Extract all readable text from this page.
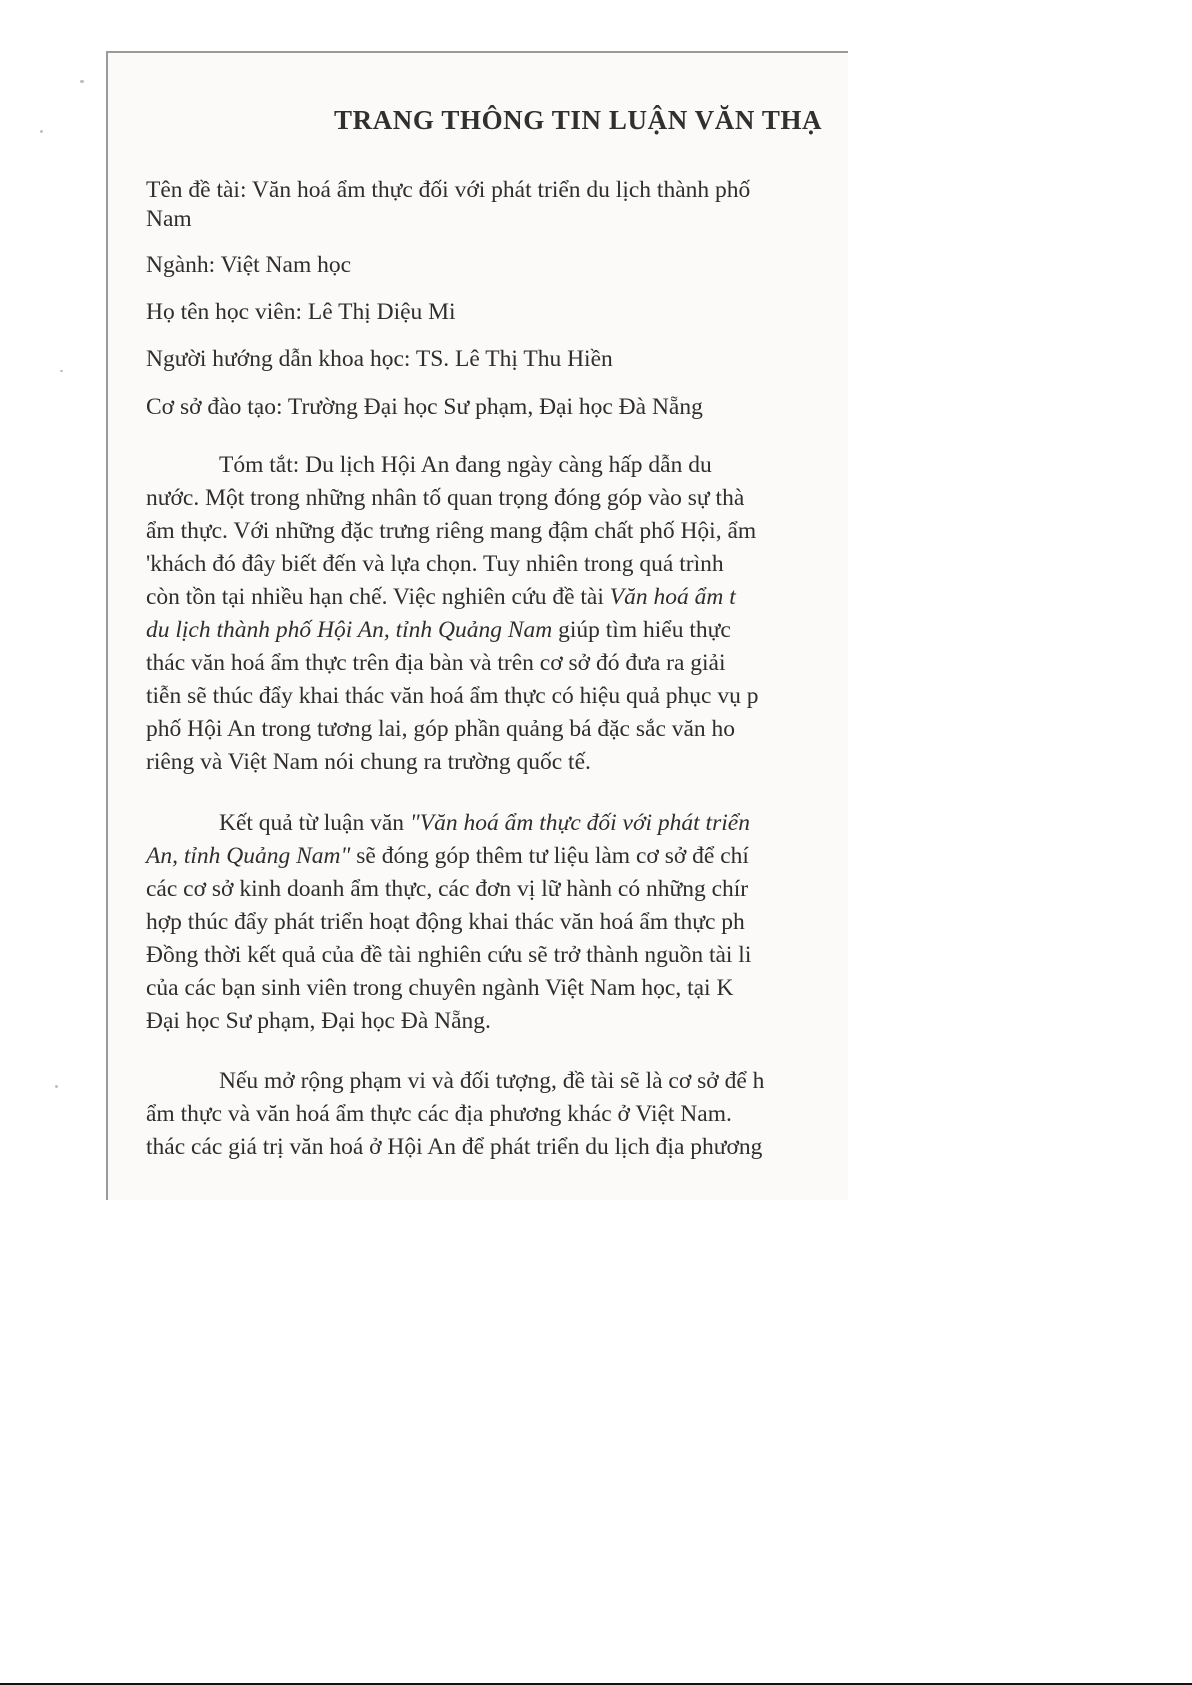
TRANG THÔNG TIN LUẬN VĂN THẠ
Tên đề tài: Văn hoá ẩm thực đối với phát triển du lịch thành phố
Nam
Ngành: Việt Nam học
Họ tên học viên: Lê Thị Diệu Mi
Người hướng dẫn khoa học: TS. Lê Thị Thu Hiền
Cơ sở đào tạo: Trường Đại học Sư phạm, Đại học Đà Nẵng
Tóm tắt: Du lịch Hội An đang ngày càng hấp dẫn du
nước. Một trong những nhân tố quan trọng đóng góp vào sự thà
ẩm thực. Với những đặc trưng riêng mang đậm chất phố Hội, ẩm
'khách đó đây biết đến và lựa chọn. Tuy nhiên trong quá trình
còn tồn tại nhiều hạn chế. Việc nghiên cứu đề tài Văn hoá ẩm t
du lịch thành phố Hội An, tỉnh Quảng Nam giúp tìm hiểu thực
thác văn hoá ẩm thực trên địa bàn và trên cơ sở đó đưa ra giải
tiễn sẽ thúc đẩy khai thác văn hoá ẩm thực có hiệu quả phục vụ p
phố Hội An trong tương lai, góp phần quảng bá đặc sắc văn ho
riêng và Việt Nam nói chung ra trường quốc tế.
Kết quả từ luận văn "Văn hoá ẩm thực đối với phát triển
An, tỉnh Quảng Nam" sẽ đóng góp thêm tư liệu làm cơ sở để chí
các cơ sở kinh doanh ẩm thực, các đơn vị lữ hành có những chír
hợp thúc đẩy phát triển hoạt động khai thác văn hoá ẩm thực ph
Đồng thời kết quả của đề tài nghiên cứu sẽ trở thành nguồn tài li
của các bạn sinh viên trong chuyên ngành Việt Nam học, tại K
Đại học Sư phạm, Đại học Đà Nẵng.
Nếu mở rộng phạm vi và đối tượng, đề tài sẽ là cơ sở để h
ẩm thực và văn hoá ẩm thực các địa phương khác ở Việt Nam.
thác các giá trị văn hoá ở Hội An để phát triển du lịch địa phương
